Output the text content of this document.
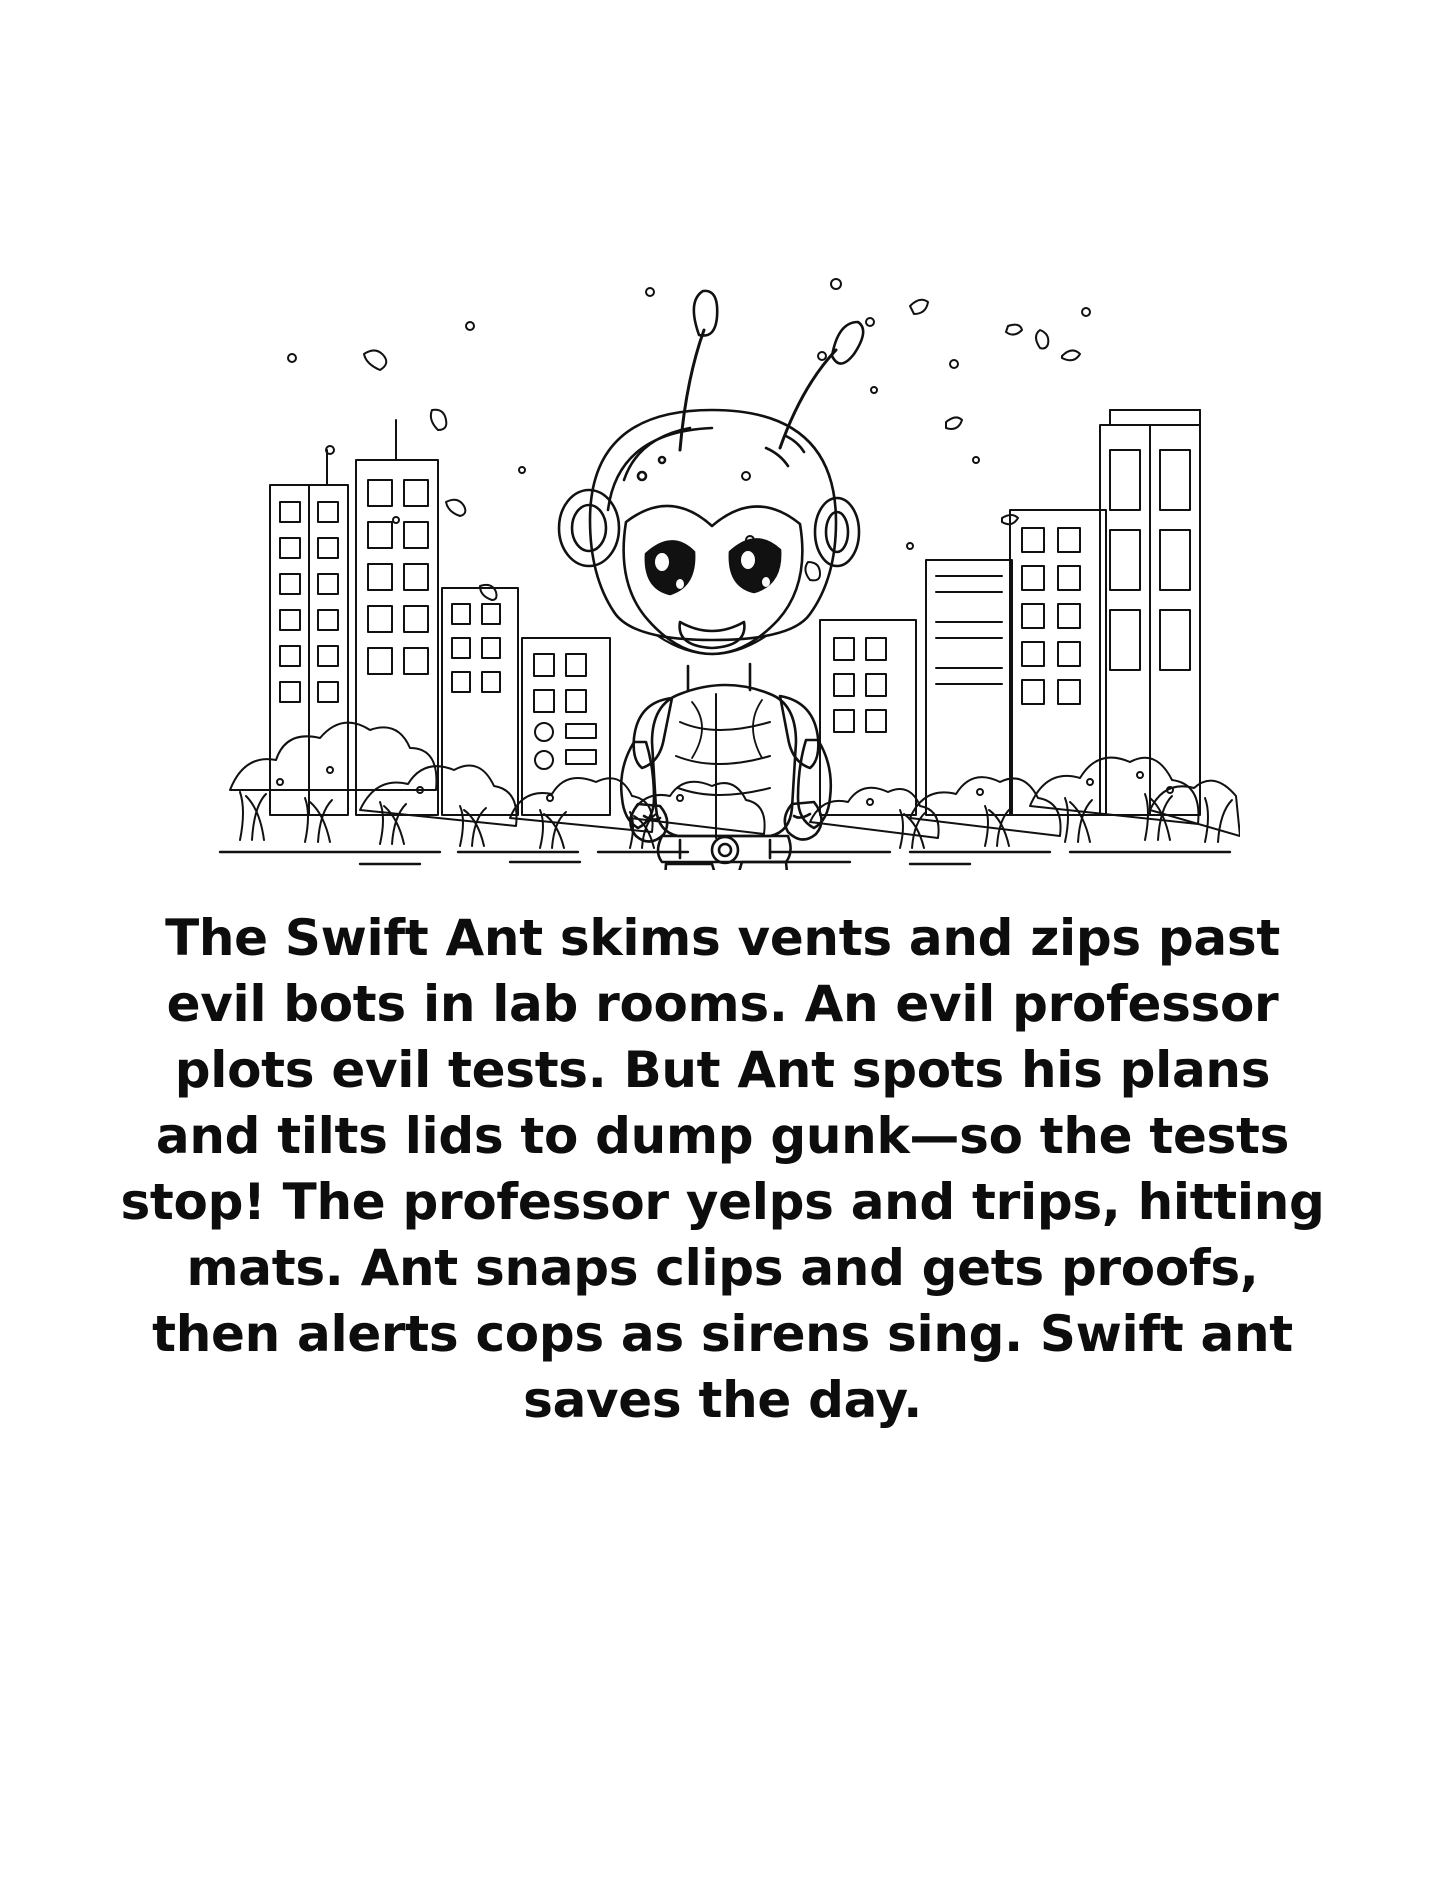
The Swift Ant skims vents and zips past evil bots in lab rooms. An evil professor plots evil tests. But Ant spots his plans and tilts lids to dump gunk—so the tests stop! The professor yelps and trips, hitting mats. Ant snaps clips and gets proofs, then alerts cops as sirens sing. Swift ant saves the day.
